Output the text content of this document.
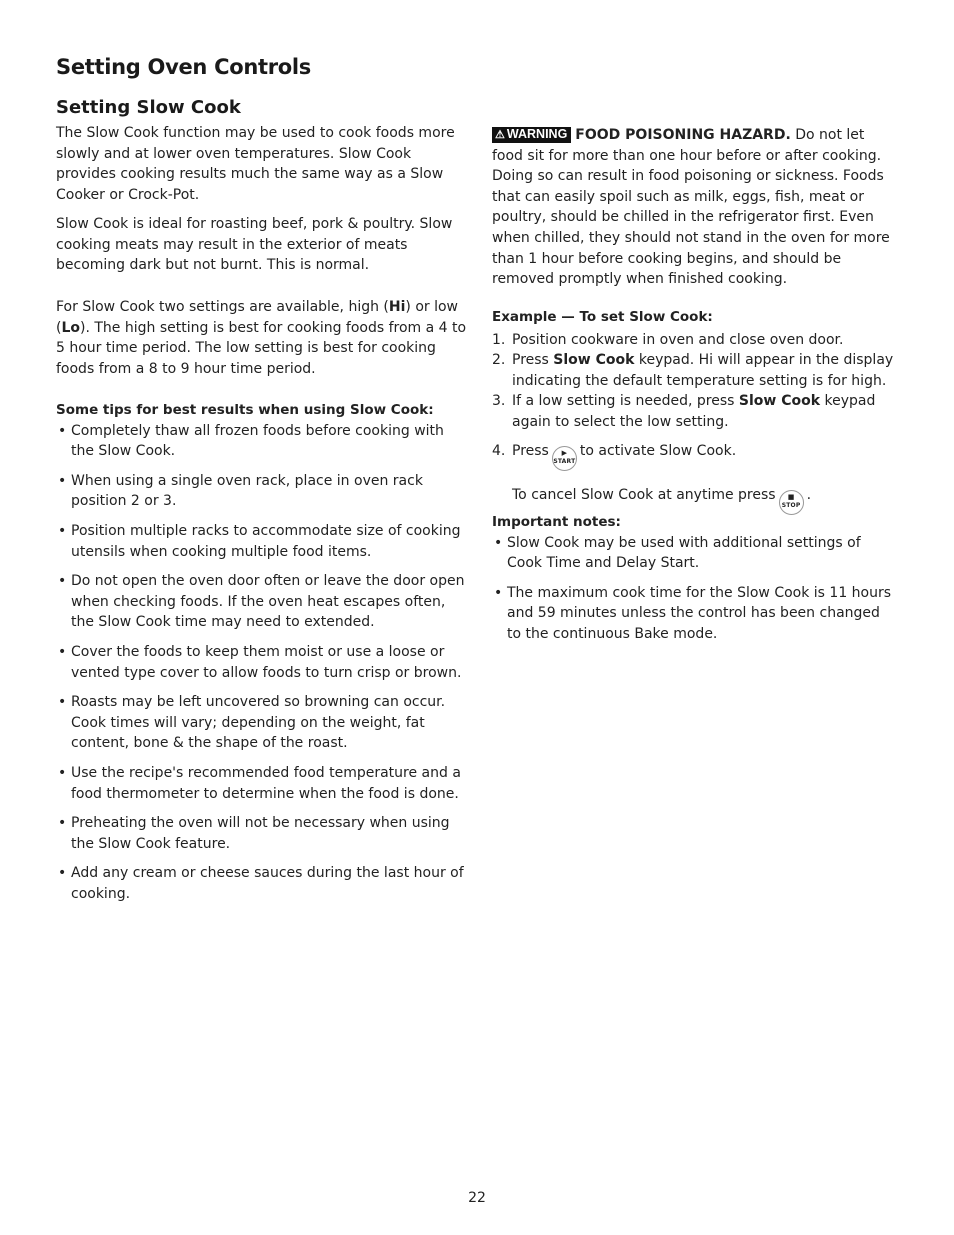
Setting Oven Controls
Setting Slow Cook

The Slow Cook function may be used to cook foods more slowly and at lower oven temperatures. Slow Cook provides cooking results much the same way as a Slow Cooker or Crock-Pot.

Slow Cook is ideal for roasting beef, pork & poultry. Slow cooking meats may result in the exterior of meats becoming dark but not burnt. This is normal.

For Slow Cook two settings are available, high (Hi) or low (Lo). The high setting is best for cooking foods from a 4 to 5 hour time period. The low setting is best for cooking foods from a 8 to 9 hour time period.

Some tips for best results when using Slow Cook:
• Completely thaw all frozen foods before cooking with the Slow Cook.
• When using a single oven rack, place in oven rack position 2 or 3.
• Position multiple racks to accommodate size of cooking utensils when cooking multiple food items.
• Do not open the oven door often or leave the door open when checking foods. If the oven heat escapes often, the Slow Cook time may need to extended.
• Cover the foods to keep them moist or use a loose or vented type cover to allow foods to turn crisp or brown.
• Roasts may be left uncovered so browning can occur. Cook times will vary; depending on the weight, fat content, bone & the shape of the roast.
• Use the recipe's recommended food temperature and a food thermometer to determine when the food is done.
• Preheating the oven will not be necessary when using the Slow Cook feature.
• Add any cream or cheese sauces during the last hour of cooking.

⚠ WARNING FOOD POISONING HAZARD. Do not let food sit for more than one hour before or after cooking. Doing so can result in food poisoning or sickness. Foods that can easily spoil such as milk, eggs, fish, meat or poultry, should be chilled in the refrigerator first. Even when chilled, they should not stand in the oven for more than 1 hour before cooking begins, and should be removed promptly when finished cooking.

Example — To set Slow Cook:
1. Position cookware in oven and close oven door.
2. Press Slow Cook keypad. Hi will appear in the display indicating the default temperature setting is for high.
3. If a low setting is needed, press Slow Cook keypad again to select the low setting.
4. Press	▶
START
to activate Slow Cook.

To cancel Slow Cook at anytime press	■
STOP
.

Important notes:
• Slow Cook may be used with additional settings of Cook Time and Delay Start.
• The maximum cook time for the Slow Cook is 11 hours and 59 minutes unless the control has been changed to the continuous Bake mode.
22
